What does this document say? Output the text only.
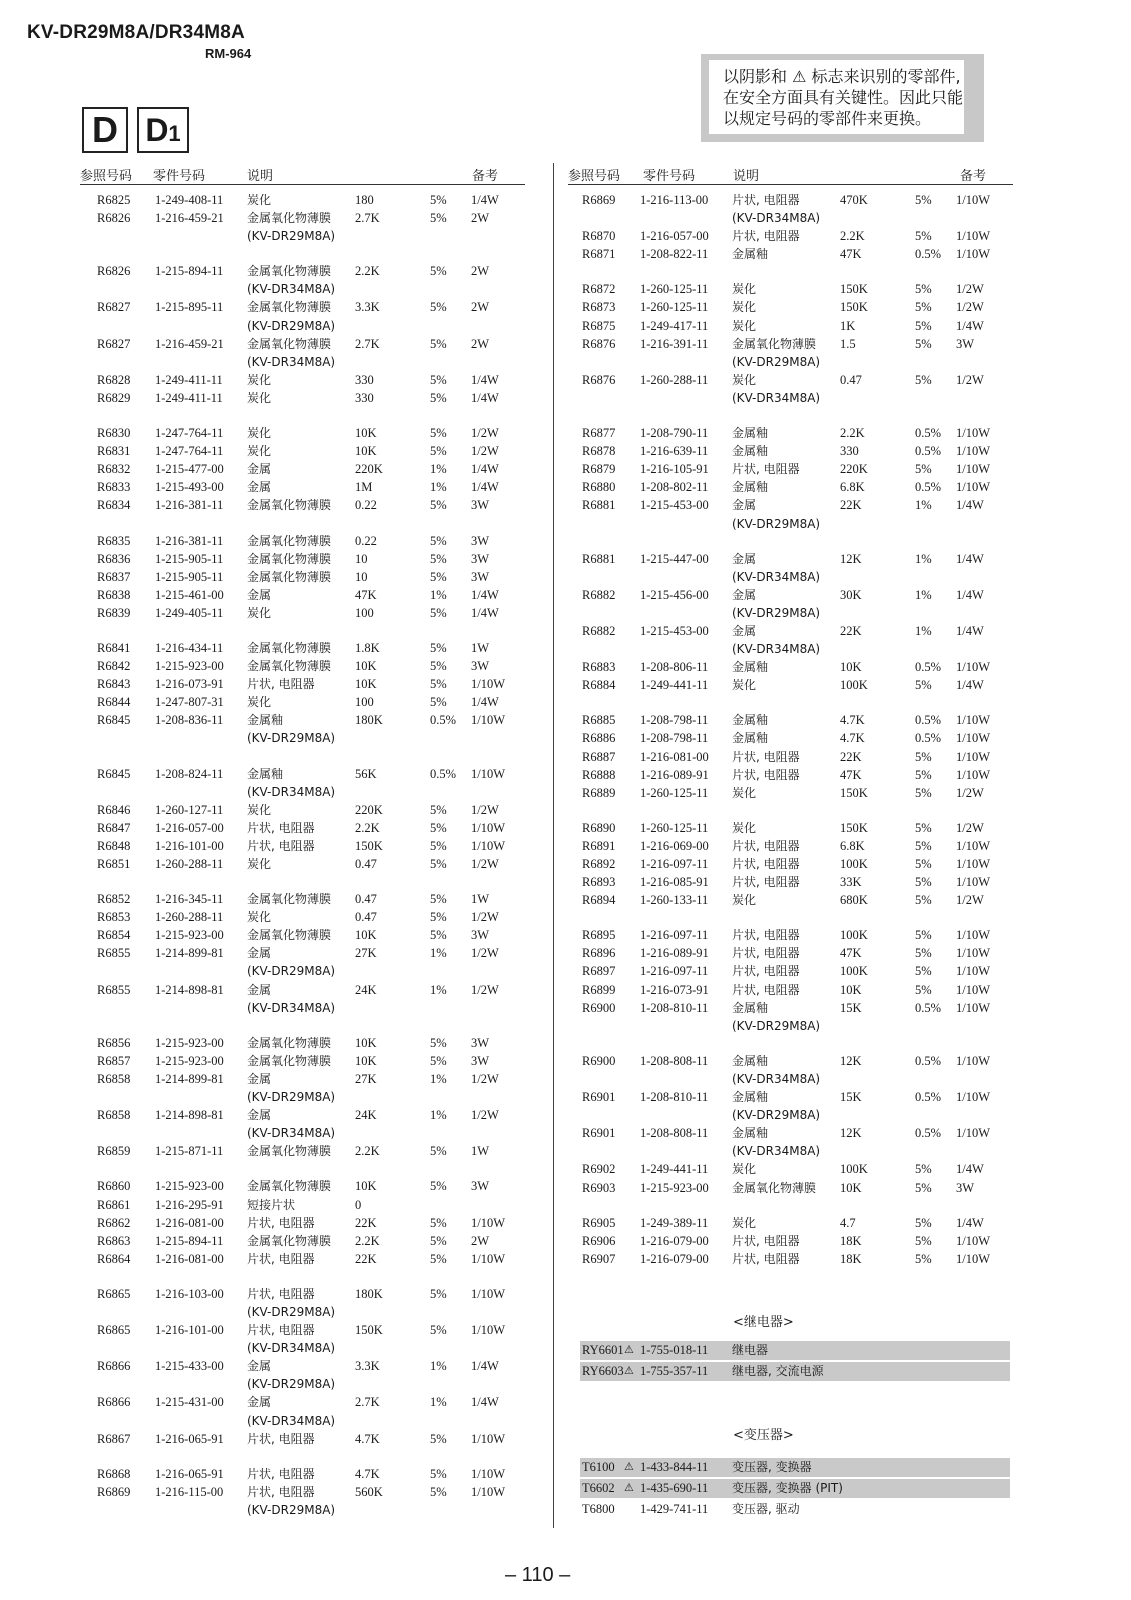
KV-DR29M8A/DR34M8A
RM-964
以阴影和 ⚠ 标志来识别的零部件,
在安全方面具有关键性。因此只能
以规定号码的零部件来更换。
D $D_1$
参照号码 零件号码	说明	备考	参照号码 零件号码	说明	备考
R6825 1-249-408-11 炭化	180	5% 1/4W
R6826 1-216-459-21 金属氧化物薄膜 2.7K	5% 2W
(KV-DR29M8A)
R6826 1-215-894-11 金属氧化物薄膜 2.2K	5% 2W
(KV-DR34M8A)
R6827 1-215-895-11 金属氧化物薄膜 3.3K	5% 2W
(KV-DR29M8A)
R6827 1-216-459-21 金属氧化物薄膜 2.7K	5% 2W
(KV-DR34M8A)
R6828 1-249-411-11 炭化	330	5% 1/4W
R6829 1-249-411-11 炭化	330	5% 1/4W
R6830 1-247-764-11 炭化	10K	5% 1/2W
R6831 1-247-764-11 炭化	10K	5% 1/2W
R6832 1-215-477-00 金属	220K	1% 1/4W
R6833 1-215-493-00 金属	1M	1% 1/4W
R6834 1-216-381-11 金属氧化物薄膜 0.22	5% 3W
R6835 1-216-381-11 金属氧化物薄膜 0.22	5% 3W
R6836 1-215-905-11 金属氧化物薄膜 10	5% 3W
R6837 1-215-905-11 金属氧化物薄膜 10	5% 3W
R6838 1-215-461-00 金属	47K	1% 1/4W
R6839 1-249-405-11 炭化	100	5% 1/4W
R6841 1-216-434-11 金属氧化物薄膜 1.8K	5% 1W
R6842 1-215-923-00 金属氧化物薄膜 10K	5% 3W
R6843 1-216-073-91 片状, 电阻器	10K	5% 1/10W
R6844 1-247-807-31 炭化	100	5% 1/4W
R6845 1-208-836-11 金属釉	180K	0.5% 1/10W
(KV-DR29M8A)
R6845 1-208-824-11 金属釉	56K	0.5% 1/10W
(KV-DR34M8A)
R6846 1-260-127-11 炭化	220K	5% 1/2W
R6847 1-216-057-00 片状, 电阻器	2.2K	5% 1/10W
R6848 1-216-101-00 片状, 电阻器	150K	5% 1/10W
R6851 1-260-288-11 炭化	0.47	5% 1/2W
R6852 1-216-345-11 金属氧化物薄膜 0.47	5% 1W
R6853 1-260-288-11 炭化	0.47	5% 1/2W
R6854 1-215-923-00 金属氧化物薄膜 10K	5% 3W
R6855 1-214-899-81 金属	27K	1% 1/2W
(KV-DR29M8A)
R6855 1-214-898-81 金属	24K	1% 1/2W
(KV-DR34M8A)
R6856 1-215-923-00 金属氧化物薄膜 10K	5% 3W
R6857 1-215-923-00 金属氧化物薄膜 10K	5% 3W
R6858 1-214-899-81 金属	27K	1% 1/2W
(KV-DR29M8A)
R6858 1-214-898-81 金属	24K	1% 1/2W
(KV-DR34M8A)
R6859 1-215-871-11 金属氧化物薄膜 2.2K	5% 1W
R6860 1-215-923-00 金属氧化物薄膜 10K	5% 3W
R6861 1-216-295-91 短接片状	0
R6862 1-216-081-00 片状, 电阻器	22K	5% 1/10W
R6863 1-215-894-11 金属氧化物薄膜 2.2K	5% 2W
R6864 1-216-081-00 片状, 电阻器	22K	5% 1/10W
R6865 1-216-103-00 片状, 电阻器	180K	5% 1/10W
(KV-DR29M8A)
R6865 1-216-101-00 片状, 电阻器	150K	5% 1/10W
(KV-DR34M8A)
R6866 1-215-433-00 金属	3.3K	1% 1/4W
(KV-DR29M8A)
R6866 1-215-431-00 金属	2.7K	1% 1/4W
(KV-DR34M8A)
R6867 1-216-065-91 片状, 电阻器	4.7K	5% 1/10W
R6868 1-216-065-91 片状, 电阻器	4.7K	5% 1/10W
R6869 1-216-115-00 片状, 电阻器	560K	5% 1/10W
(KV-DR29M8A)
R6869 1-216-113-00 片状, 电阻器	470K	5% 1/10W
(KV-DR34M8A)
R6870 1-216-057-00 片状, 电阻器	2.2K	5% 1/10W
R6871 1-208-822-11 金属釉	47K	0.5% 1/10W
R6872 1-260-125-11 炭化	150K	5% 1/2W
R6873 1-260-125-11 炭化	150K	5% 1/2W
R6875 1-249-417-11 炭化	1K	5% 1/4W
R6876 1-216-391-11 金属氧化物薄膜 1.5	5% 3W
(KV-DR29M8A)
R6876 1-260-288-11 炭化	0.47	5% 1/2W
(KV-DR34M8A)
R6877 1-208-790-11 金属釉	2.2K	0.5% 1/10W
R6878 1-216-639-11 金属釉	330	0.5% 1/10W
R6879 1-216-105-91 片状, 电阻器	220K	5% 1/10W
R6880 1-208-802-11 金属釉	6.8K	0.5% 1/10W
R6881 1-215-453-00 金属	22K	1% 1/4W
(KV-DR29M8A)
R6881 1-215-447-00 金属	12K	1% 1/4W
(KV-DR34M8A)
R6882 1-215-456-00 金属	30K	1% 1/4W
(KV-DR29M8A)
R6882 1-215-453-00 金属	22K	1% 1/4W
(KV-DR34M8A)
R6883 1-208-806-11 金属釉	10K	0.5% 1/10W
R6884 1-249-441-11 炭化	100K	5% 1/4W
R6885 1-208-798-11 金属釉	4.7K	0.5% 1/10W
R6886 1-208-798-11 金属釉	4.7K	0.5% 1/10W
R6887 1-216-081-00 片状, 电阻器	22K	5% 1/10W
R6888 1-216-089-91 片状, 电阻器	47K	5% 1/10W
R6889 1-260-125-11 炭化	150K	5% 1/2W
R6890 1-260-125-11 炭化	150K	5% 1/2W
R6891 1-216-069-00 片状, 电阻器	6.8K	5% 1/10W
R6892 1-216-097-11 片状, 电阻器	100K	5% 1/10W
R6893 1-216-085-91 片状, 电阻器	33K	5% 1/10W
R6894 1-260-133-11 炭化	680K	5% 1/2W
R6895 1-216-097-11 片状, 电阻器	100K	5% 1/10W
R6896 1-216-089-91 片状, 电阻器	47K	5% 1/10W
R6897 1-216-097-11 片状, 电阻器	100K	5% 1/10W
R6899 1-216-073-91 片状, 电阻器	10K	5% 1/10W
R6900 1-208-810-11 金属釉	15K	0.5% 1/10W
(KV-DR29M8A)
R6900 1-208-808-11 金属釉	12K	0.5% 1/10W
(KV-DR34M8A)
R6901 1-208-810-11 金属釉	15K	0.5% 1/10W
(KV-DR29M8A)
R6901 1-208-808-11 金属釉	12K	0.5% 1/10W
(KV-DR34M8A)
R6902 1-249-441-11 炭化	100K	5% 1/4W
R6903 1-215-923-00 金属氧化物薄膜 10K	5% 3W
R6905 1-249-389-11 炭化	4.7	5% 1/4W
R6906 1-216-079-00 片状, 电阻器	18K	5% 1/10W
R6907 1-216-079-00 片状, 电阻器	18K	5% 1/10W
<继电器>
RY6601 ⚠ 1-755-018-11 继电器
RY6603 ⚠ 1-755-357-11 继电器, 交流电源
<变压器>
T6100 ⚠ 1-433-844-11 变压器, 变换器
T6602 ⚠ 1-435-690-11 变压器, 变换器 (PIT)
T6800 1-429-741-11 变压器, 驱动
– 110 –
